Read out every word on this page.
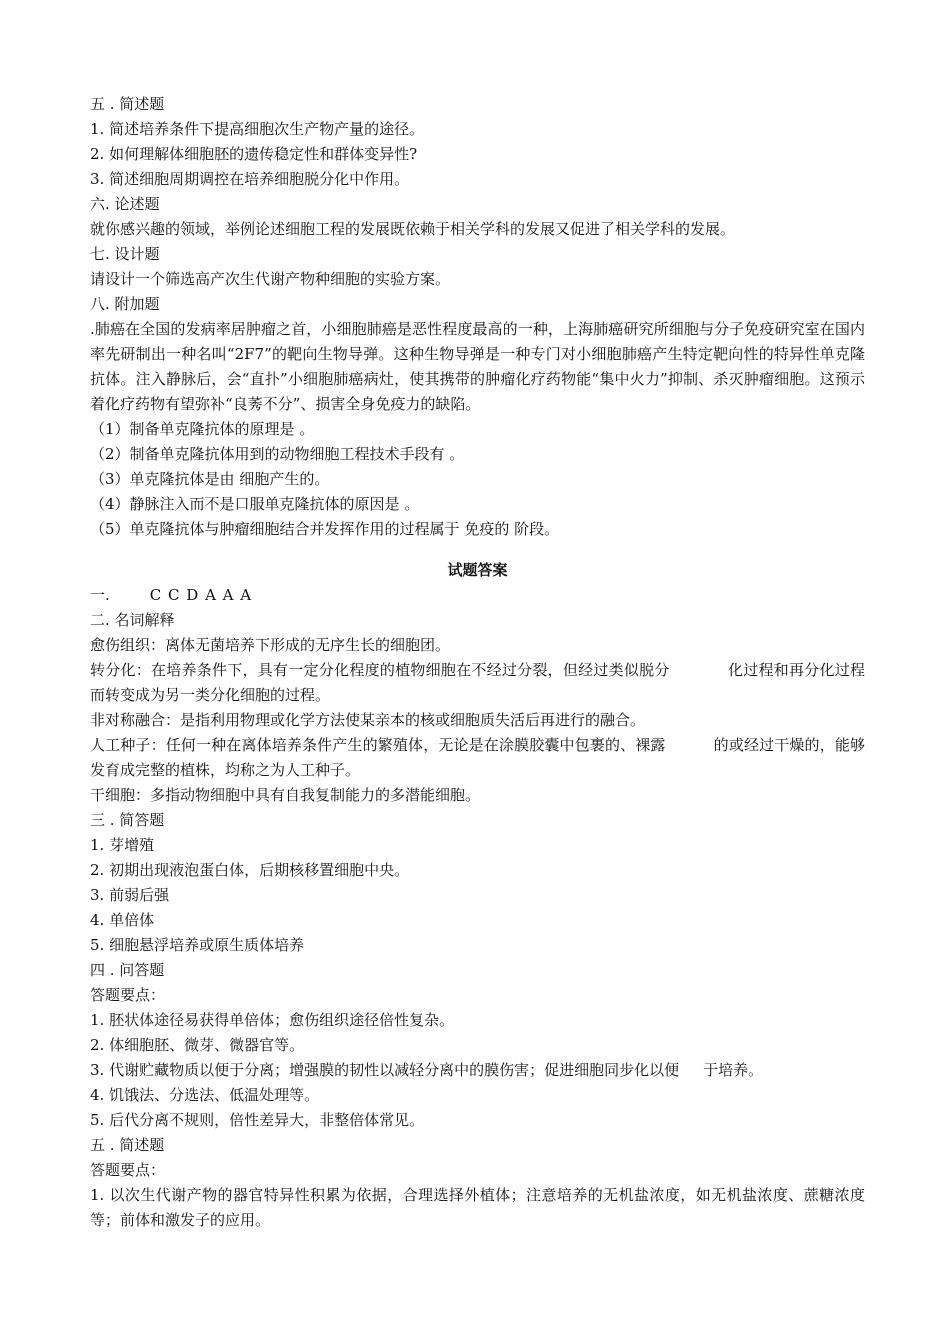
五 . 简述题
1. 简述培养条件下提高细胞次生产物产量的途径。
2. 如何理解体细胞胚的遗传稳定性和群体变异性?
3. 简述细胞周期调控在培养细胞脱分化中作用。
六. 论述题
就你感兴趣的领域，举例论述细胞工程的发展既依赖于相关学科的发展又促进了相关学科的发展。
七. 设计题
请设计一个筛选高产次生代谢产物种细胞的实验方案。
八. 附加题
.肺癌在全国的发病率居肿瘤之首，小细胞肺癌是恶性程度最高的一种，上海肺癌研究所细胞与分子免疫研究室在国内率先研制出一种名叫“2F7”的靶向生物导弹。这种生物导弹是一种专门对小细胞肺癌产生特定靶向性的特异性单克隆抗体。注入静脉后，会“直扑”小细胞肺癌病灶，使其携带的肿瘤化疗药物能“集中火力”抑制、杀灭肿瘤细胞。这预示着化疗药物有望弥补“良莠不分”、损害全身免疫力的缺陷。
（1）制备单克隆抗体的原理是 。
（2）制备单克隆抗体用到的动物细胞工程技术手段有 。
（3）单克隆抗体是由 细胞产生的。
（4）静脉注入而不是口服单克隆抗体的原因是 。
（5）单克隆抗体与肿瘤细胞结合并发挥作用的过程属于 免疫的 阶段。
试题答案
一.	C C D A A A
二. 名词解释
愈伤组织：离体无菌培养下形成的无序生长的细胞团。
转分化：在培养条件下，具有一定分化程度的植物细胞在不经过分裂，但经过类似脱分	化过程和再分化过程而转变成为另一类分化细胞的过程。
非对称融合：是指利用物理或化学方法使某亲本的核或细胞质失活后再进行的融合。
人工种子：任何一种在离体培养条件产生的繁殖体，无论是在涂膜胶囊中包裹的、裸露	的或经过干燥的，能够发育成完整的植株，均称之为人工种子。
干细胞：多指动物细胞中具有自我复制能力的多潜能细胞。
三 . 简答题
1. 芽增殖
2. 初期出现液泡蛋白体，后期核移置细胞中央。
3. 前弱后强
4. 单倍体
5. 细胞悬浮培养或原生质体培养
四 . 问答题
答题要点：
1. 胚状体途径易获得单倍体；愈伤组织途径倍性复杂。
2. 体细胞胚、微芽、微器官等。
3. 代谢贮藏物质以便于分离；增强膜的韧性以减轻分离中的膜伤害；促进细胞同步化以便 于培养。
4. 饥饿法、分选法、低温处理等。
5. 后代分离不规则，倍性差异大，非整倍体常见。
五 . 简述题
答题要点：
1. 以次生代谢产物的器官特异性积累为依据，合理选择外植体；注意培养的无机盐浓度，如无机盐浓度、蔗糖浓度等；前体和激发子的应用。
